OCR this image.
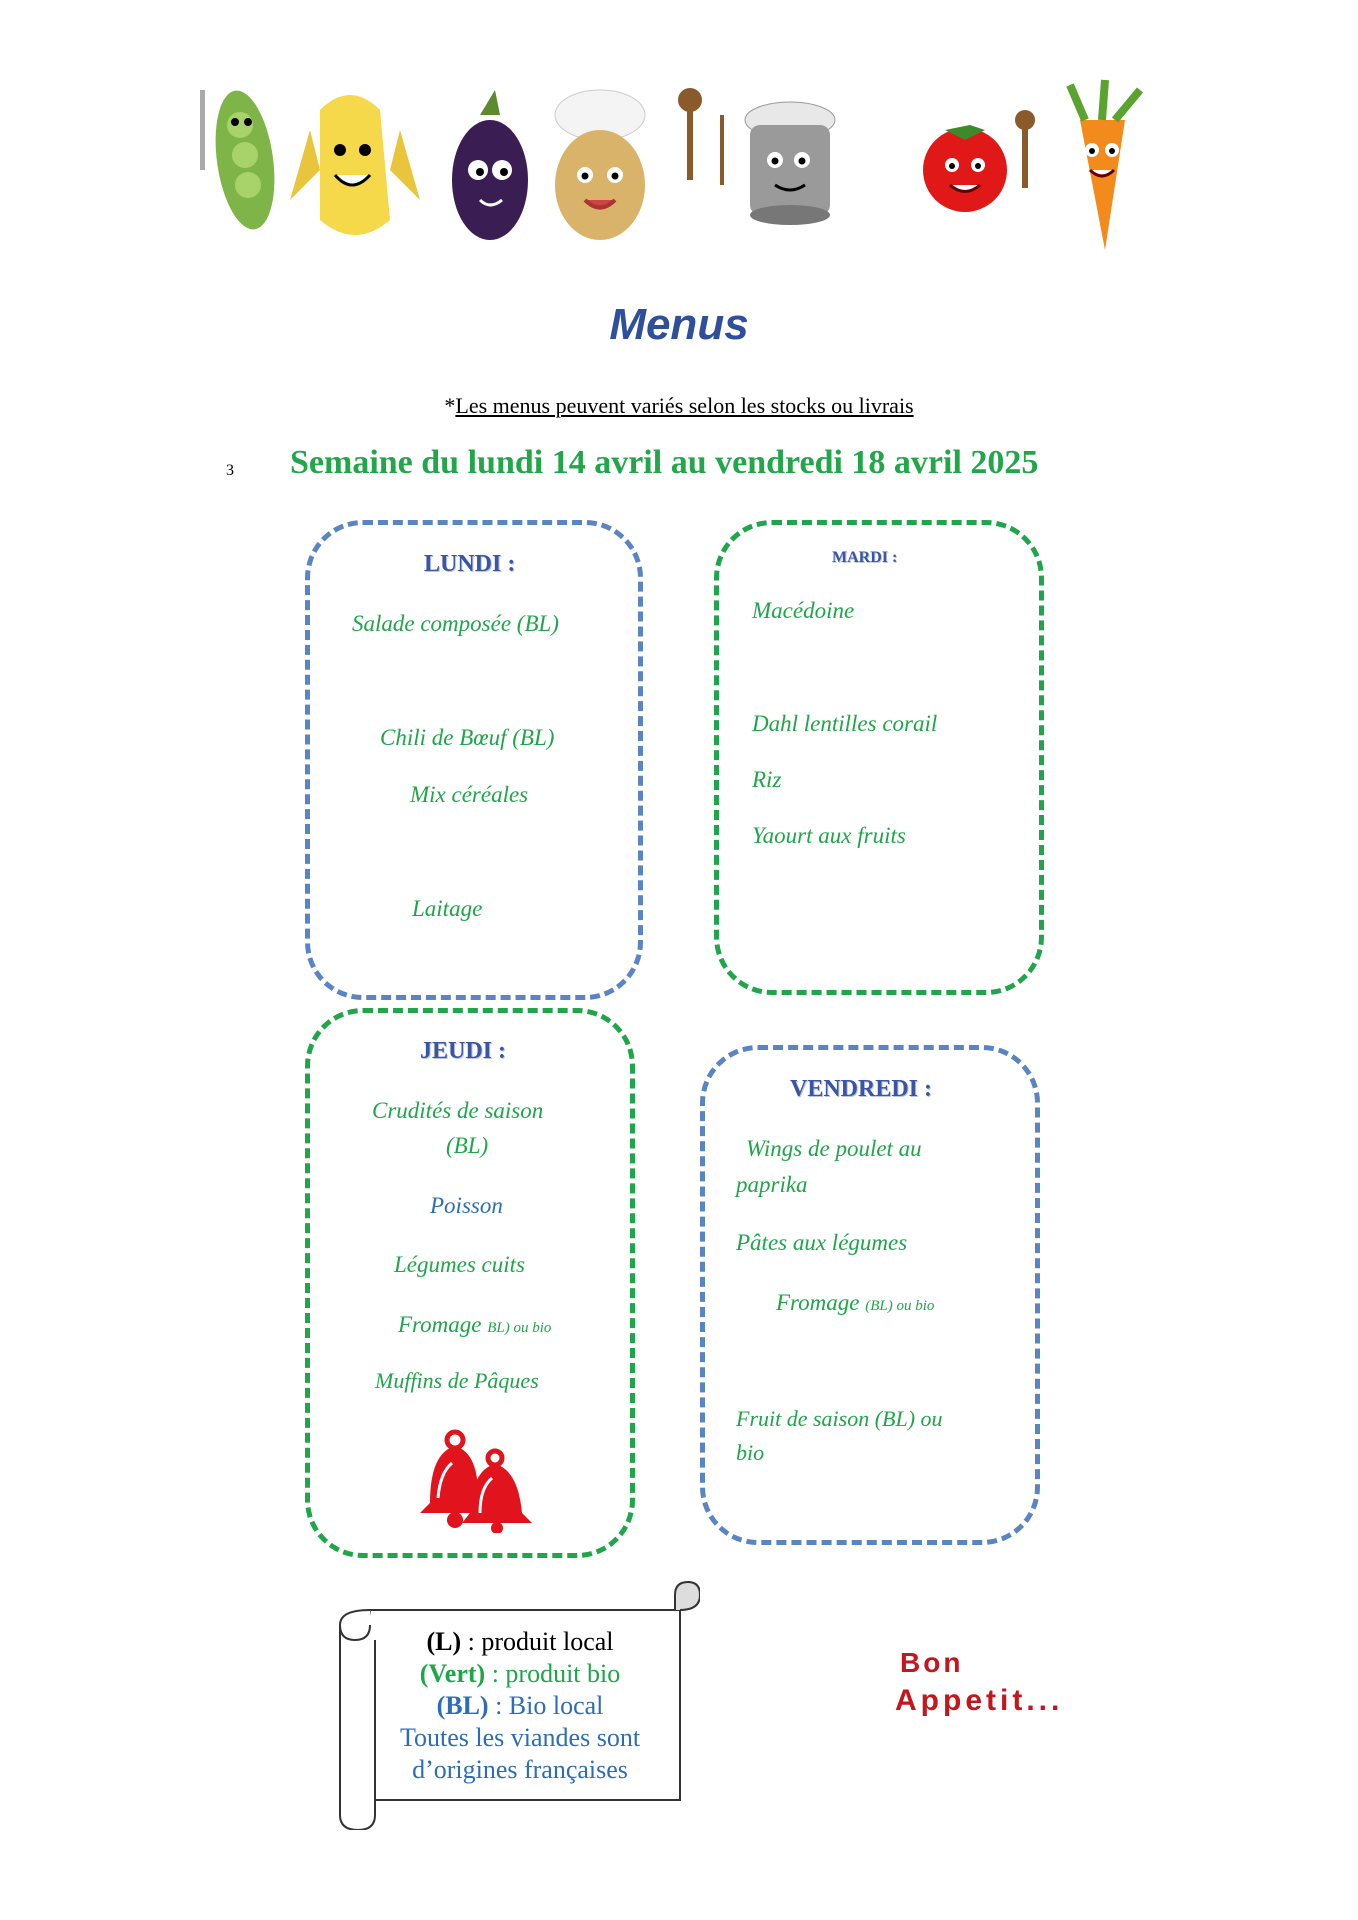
Menus
*Les menus peuvent variés selon les stocks ou livrais
3 Semaine du lundi 14 avril au vendredi 18 avril 2025
LUNDI :
Salade composée (BL)
Chili de Bœuf (BL)
Mix céréales
Laitage
MARDI :
Macédoine
Dahl lentilles corail
Riz
Yaourt aux fruits
JEUDI :
Crudités de saison
(BL)
Poisson
Légumes cuits
Fromage BL) ou bio
Muffins de Pâques
VENDREDI :
Wings de poulet au
paprika
Pâtes aux légumes
Fromage (BL) ou bio
Fruit de saison (BL) ou
bio
(L) : produit local
(Vert) : produit bio
(BL) : Bio local
Toutes les viandes sont
d’origines françaises
Bon
Appetit...
